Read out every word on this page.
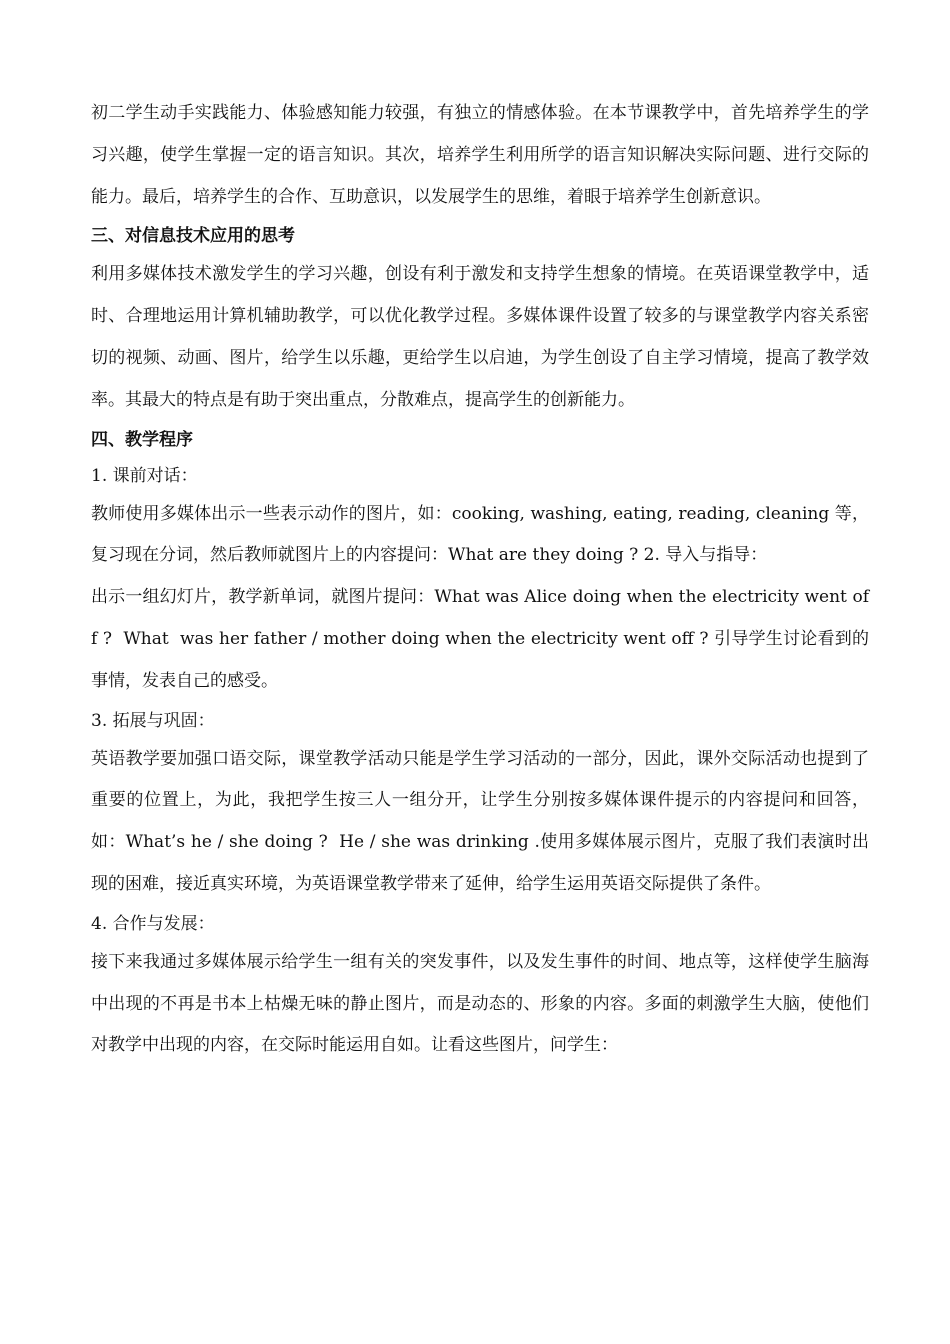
初二学生动手实践能力、体验感知能力较强，有独立的情感体验。在本节课教学中，首先培养学生的学习兴趣，使学生掌握一定的语言知识。其次，培养学生利用所学的语言知识解决实际问题、进行交际的能力。最后，培养学生的合作、互助意识，以发展学生的思维，着眼于培养学生创新意识。

三、对信息技术应用的思考

利用多媒体技术激发学生的学习兴趣，创设有利于激发和支持学生想象的情境。在英语课堂教学中，适时、合理地运用计算机辅助教学，可以优化教学过程。多媒体课件设置了较多的与课堂教学内容关系密切的视频、动画、图片，给学生以乐趣，更给学生以启迪，为学生创设了自主学习情境，提高了教学效率。其最大的特点是有助于突出重点，分散难点，提高学生的创新能力。

四、教学程序

1. 课前对话：

教师使用多媒体出示一些表示动作的图片，如：cooking, washing, eating, reading, cleaning 等，复习现在分词，然后教师就图片上的内容提问：What are they doing ? 2. 导入与指导：

出示一组幻灯片，教学新单词，就图片提问：What was Alice doing when the electricity went off ?  What  was her father / mother doing when the electricity went off ? 引导学生讨论看到的事情，发表自己的感受。

3. 拓展与巩固：

英语教学要加强口语交际，课堂教学活动只能是学生学习活动的一部分，因此，课外交际活动也提到了重要的位置上，为此，我把学生按三人一组分开，让学生分别按多媒体课件提示的内容提问和回答，如：What’s he / she doing ?  He / she was drinking .使用多媒体展示图片，克服了我们表演时出现的困难，接近真实环境，为英语课堂教学带来了延伸，给学生运用英语交际提供了条件。

4. 合作与发展：

接下来我通过多媒体展示给学生一组有关的突发事件，以及发生事件的时间、地点等，这样使学生脑海中出现的不再是书本上枯燥无味的静止图片，而是动态的、形象的内容。多面的刺激学生大脑，使他们对教学中出现的内容，在交际时能运用自如。让看这些图片，问学生：
